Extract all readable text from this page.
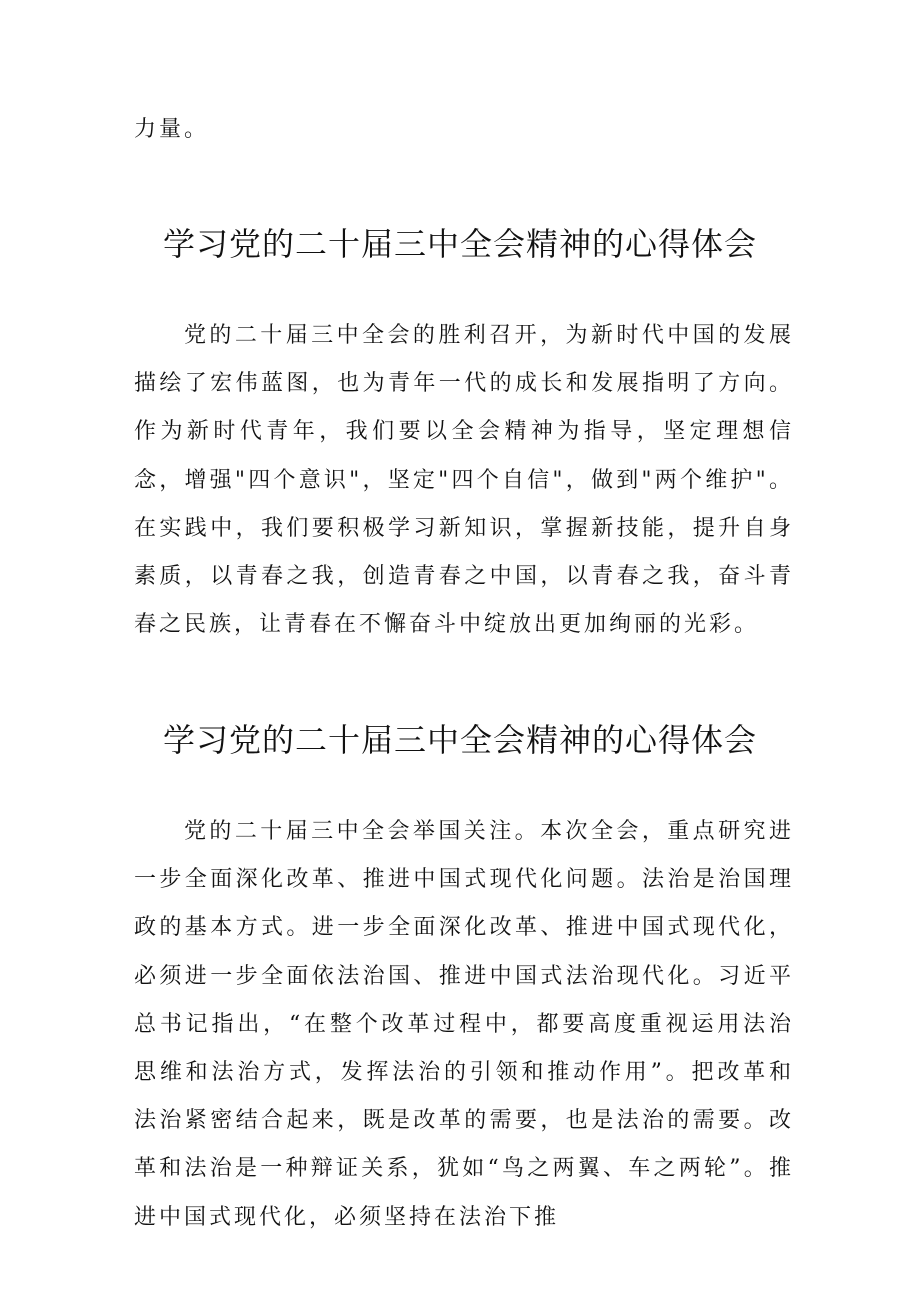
力量。

学习党的二十届三中全会精神的心得体会

党的二十届三中全会的胜利召开，为新时代中国的发展描绘了宏伟蓝图，也为青年一代的成长和发展指明了方向。作为新时代青年，我们要以全会精神为指导，坚定理想信念，增强"四个意识"，坚定"四个自信"，做到"两个维护"。在实践中，我们要积极学习新知识，掌握新技能，提升自身素质，以青春之我，创造青春之中国，以青春之我，奋斗青春之民族，让青春在不懈奋斗中绽放出更加绚丽的光彩。

学习党的二十届三中全会精神的心得体会

党的二十届三中全会举国关注。本次全会，重点研究进一步全面深化改革、推进中国式现代化问题。法治是治国理政的基本方式。进一步全面深化改革、推进中国式现代化，必须进一步全面依法治国、推进中国式法治现代化。习近平总书记指出，“在整个改革过程中，都要高度重视运用法治思维和法治方式，发挥法治的引领和推动作用”。把改革和法治紧密结合起来，既是改革的需要，也是法治的需要。改革和法治是一种辩证关系，犹如“鸟之两翼、车之两轮”。推进中国式现代化，必须坚持在法治下推
